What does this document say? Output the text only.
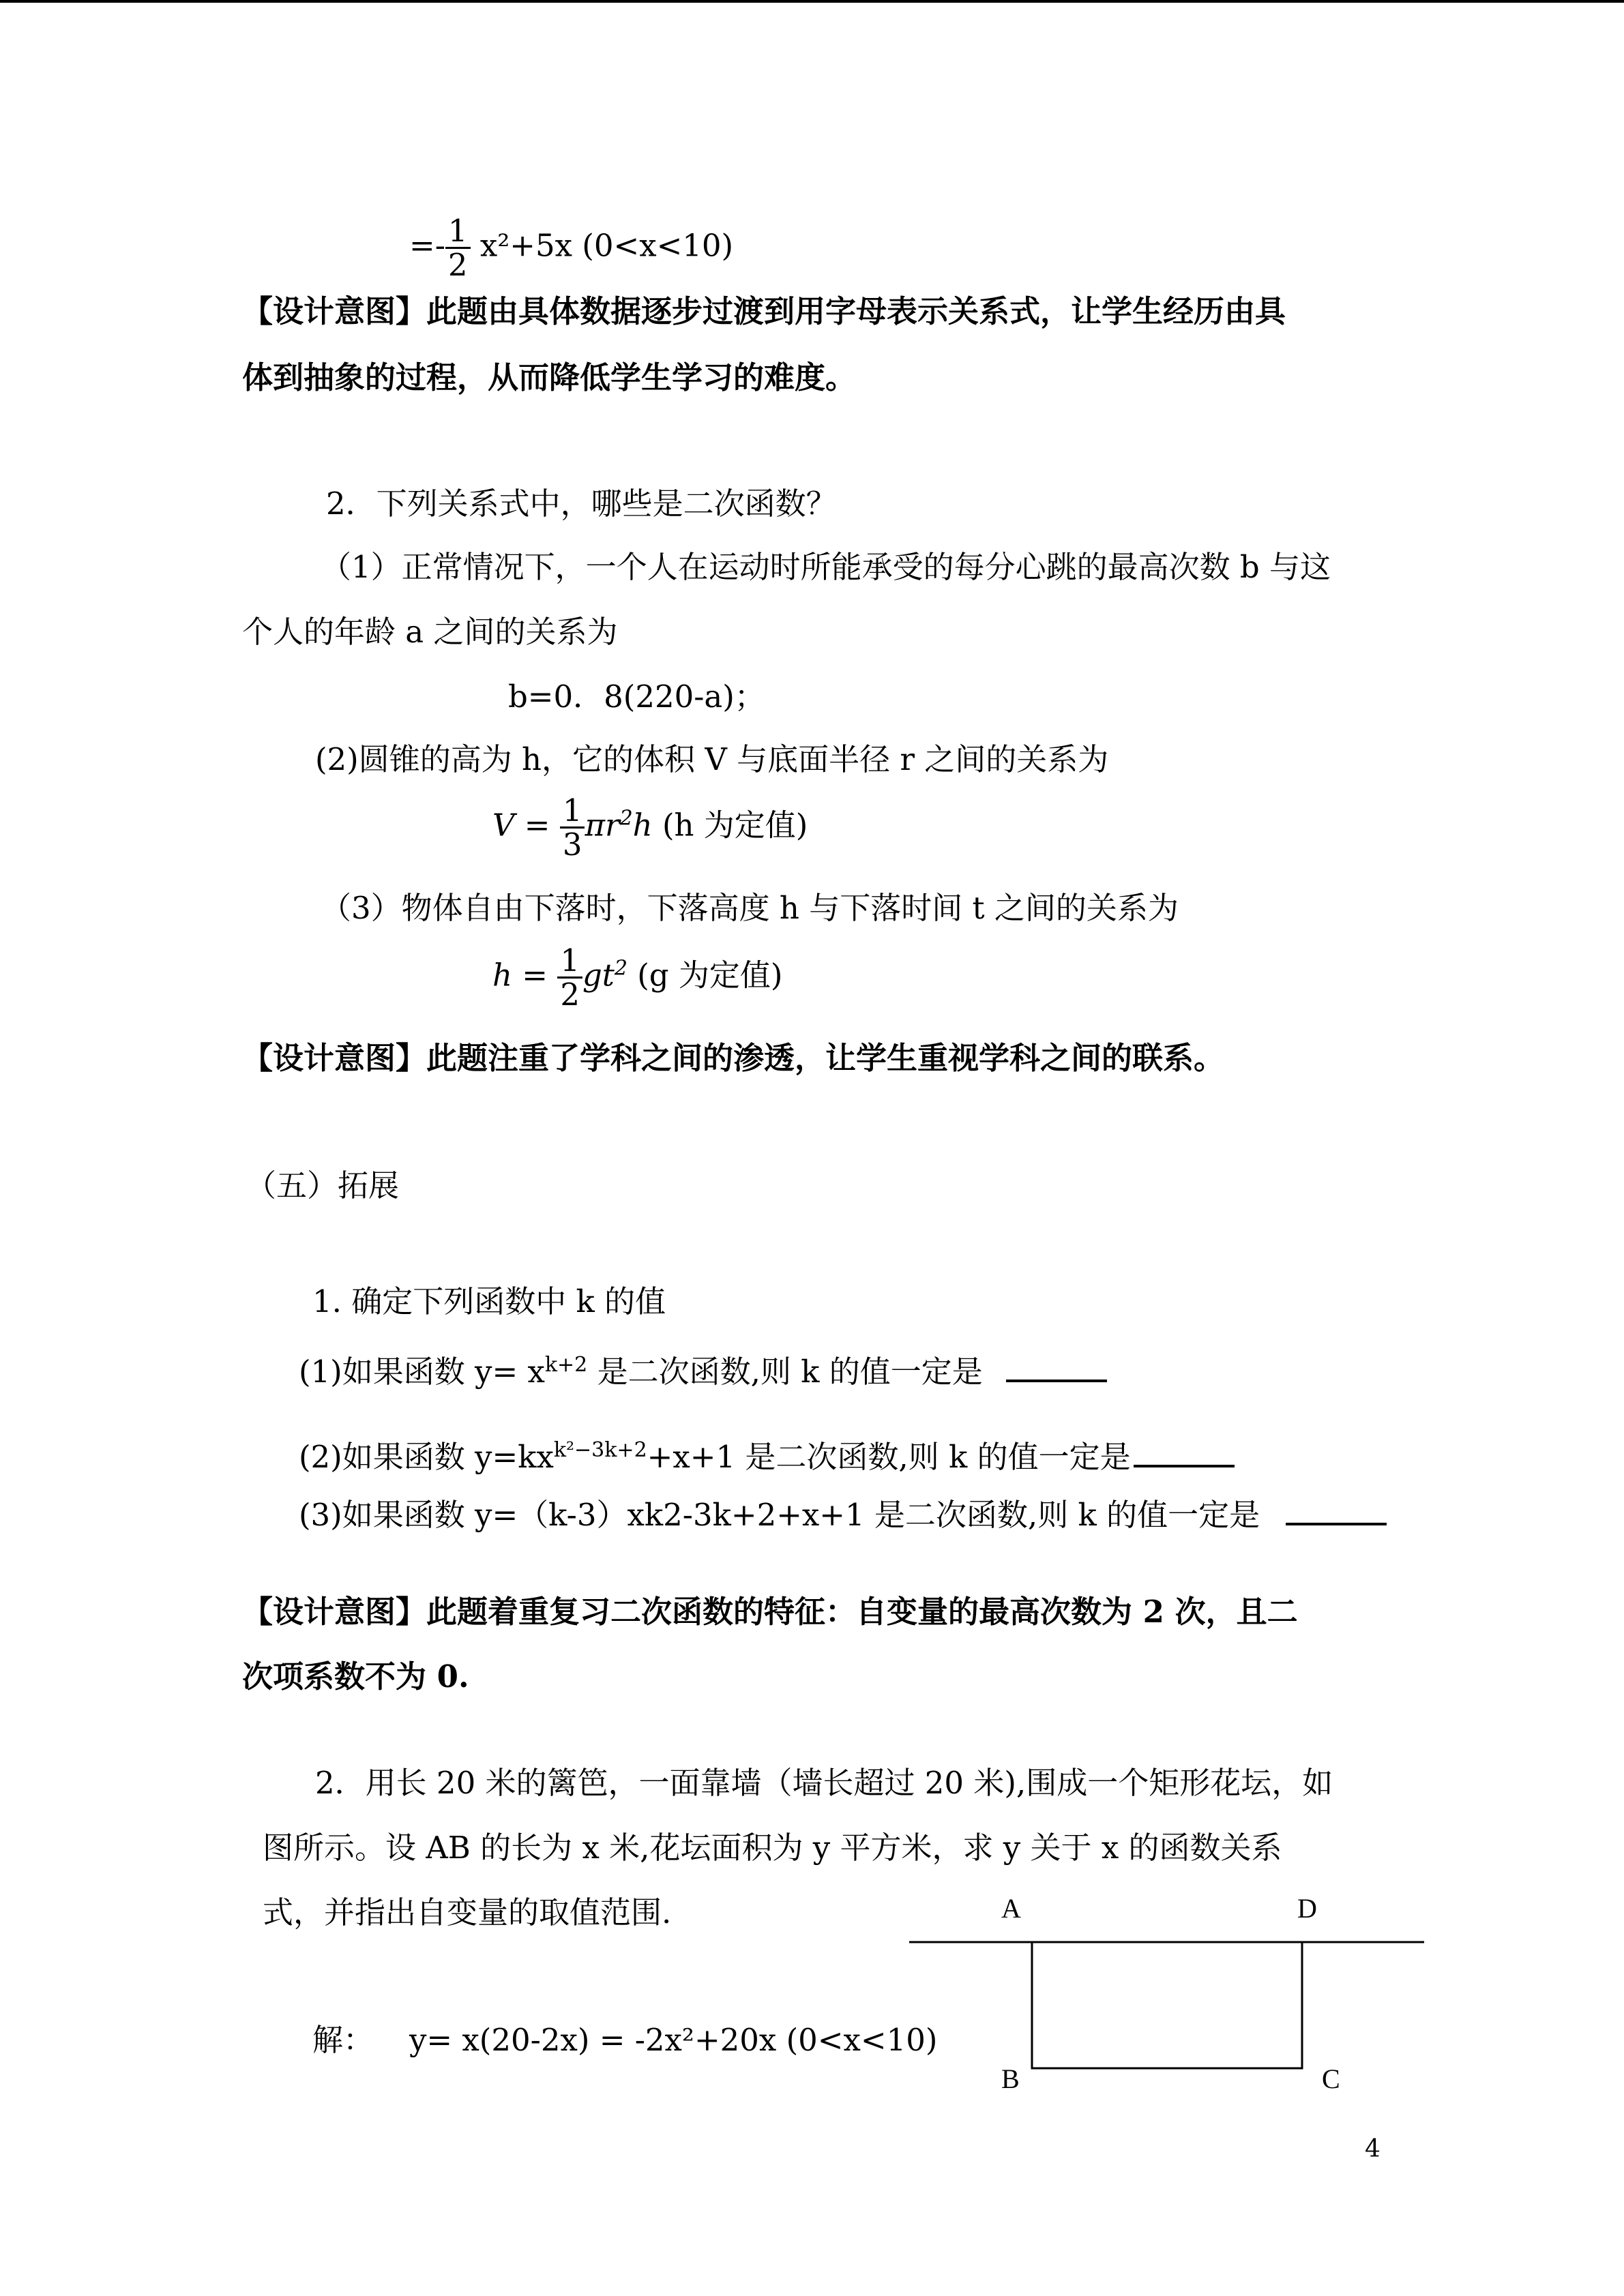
=- $\frac{1}{2} x^2+5x$ (0<x<10)
【设计意图】此题由具体数据逐步过渡到用字母表示关系式，让学生经历由具
体到抽象的过程，从而降低学生学习的难度。
2．下列关系式中，哪些是二次函数？
（1）正常情况下，一个人在运动时所能承受的每分心跳的最高次数 b 与这
个人的年龄 a 之间的关系为
b=0．8(220-a)；
(2)圆锥的高为 h，它的体积 V 与底面半径 r 之间的关系为
$V = \frac{1}{3} \pi r^2h$ (h 为定值)
（3）物体自由下落时，下落高度 h 与下落时间 t 之间的关系为
$h = \frac{1}{2} gt^2$ (g 为定值)
【设计意图】此题注重了学科之间的渗透，让学生重视学科之间的联系。
（五）拓展
1. 确定下列函数中 k 的值
(1)如果函数 $y= x^{k+2}$ 是二次函数,则 k 的值一定是
(2)如果函数 $y=kx^{k^2-3k+2}+x+1$ 是二次函数,则 k 的值一定是
(3)如果函数 y=（k-3）xk2-3k+2+x+1 是二次函数,则 k 的值一定是
【设计意图】此题着重复习二次函数的特征：自变量的最高次数为 2 次，且二
次项系数不为 0.
2．用长 20 米的篱笆，一面靠墙（墙长超过 20 米),围成一个矩形花坛，如
图所示。设 AB 的长为 x 米,花坛面积为 y 平方米，求 y 关于 x 的函数关系
式，并指出自变量的取值范围.
解： y= x(20-2x) = -2x²+20x (0<x<10)
A	D
B	C
4
